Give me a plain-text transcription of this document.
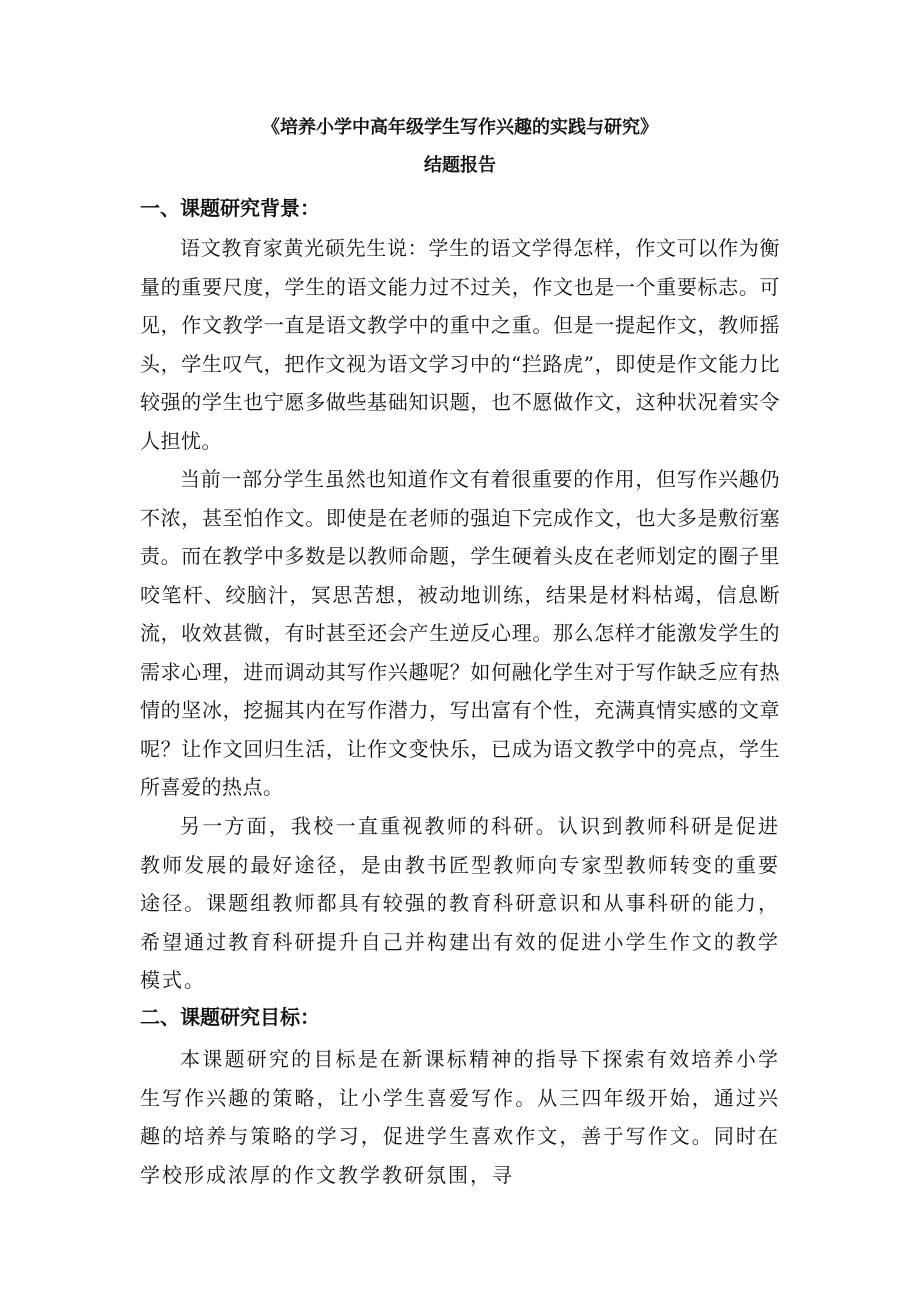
《培养小学中高年级学生写作兴趣的实践与研究》
结题报告
一、课题研究背景：

语文教育家黄光硕先生说：学生的语文学得怎样，作文可以作为衡量的重要尺度，学生的语文能力过不过关，作文也是一个重要标志。可见，作文教学一直是语文教学中的重中之重。但是一提起作文，教师摇头，学生叹气，把作文视为语文学习中的“拦路虎”，即使是作文能力比较强的学生也宁愿多做些基础知识题，也不愿做作文，这种状况着实令人担忧。

当前一部分学生虽然也知道作文有着很重要的作用，但写作兴趣仍不浓，甚至怕作文。即使是在老师的强迫下完成作文，也大多是敷衍塞责。而在教学中多数是以教师命题，学生硬着头皮在老师划定的圈子里咬笔杆、绞脑汁，冥思苦想，被动地训练，结果是材料枯竭，信息断流，收效甚微，有时甚至还会产生逆反心理。那么怎样才能激发学生的需求心理，进而调动其写作兴趣呢？如何融化学生对于写作缺乏应有热情的坚冰，挖掘其内在写作潜力，写出富有个性，充满真情实感的文章呢？让作文回归生活，让作文变快乐，已成为语文教学中的亮点，学生所喜爱的热点。

另一方面，我校一直重视教师的科研。认识到教师科研是促进教师发展的最好途径，是由教书匠型教师向专家型教师转变的重要途径。课题组教师都具有较强的教育科研意识和从事科研的能力，希望通过教育科研提升自己并构建出有效的促进小学生作文的教学模式。

二、课题研究目标：

本课题研究的目标是在新课标精神的指导下探索有效培养小学生写作兴趣的策略，让小学生喜爱写作。从三四年级开始，通过兴趣的培养与策略的学习，促进学生喜欢作文，善于写作文。同时在学校形成浓厚的作文教学教研氛围，寻
